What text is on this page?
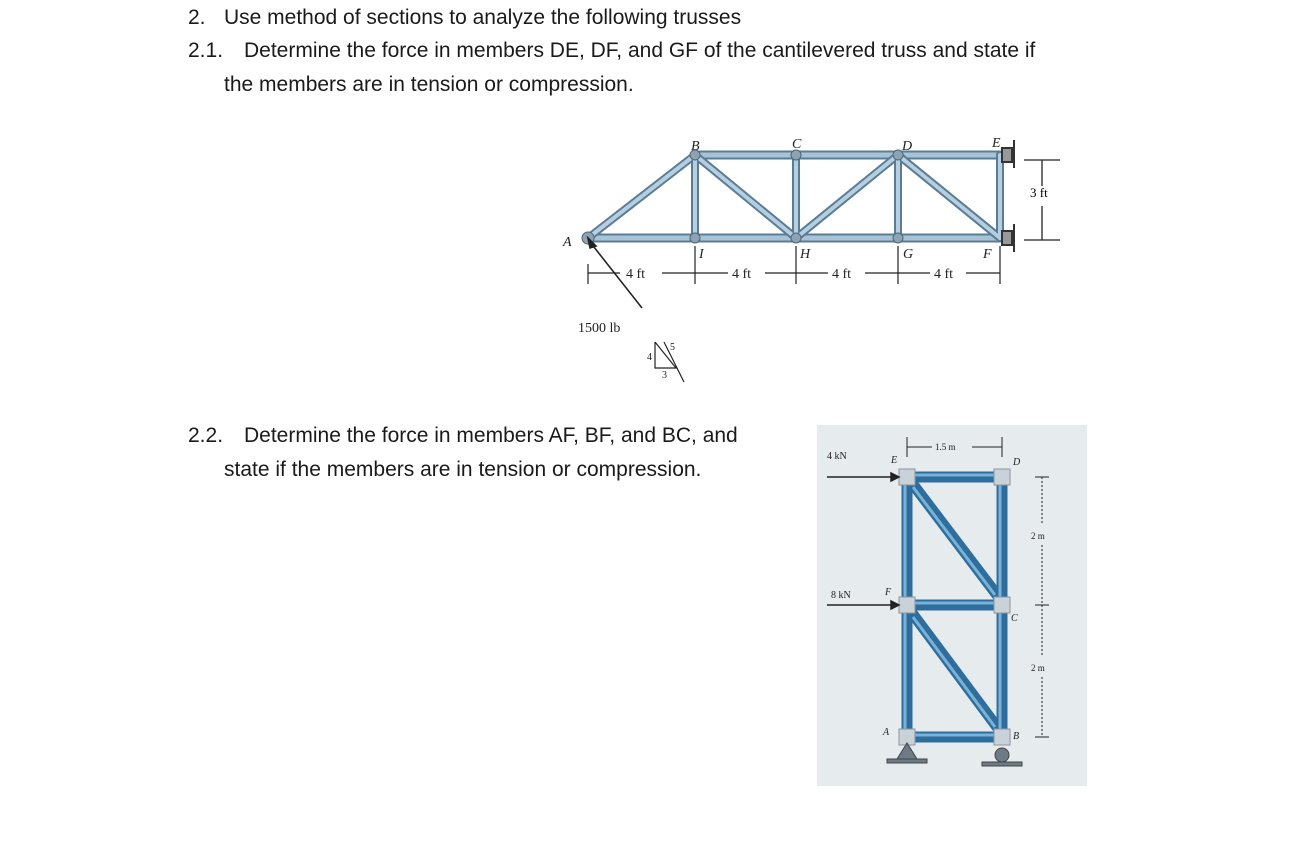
2. Use method of sections to analyze the following trusses
2.1. Determine the force in members DE, DF, and GF of the cantilevered truss and state if
the members are in tension or compression.
3 ft
A
B	C	D	E
I	H	G	F
4 ft	4 ft	4 ft	4 ft
1500 lb
4
5
3
2.2. Determine the force in members AF, BF, and BC, and
state if the members are in tension or compression.
4 kN
8 kN
E	D
F
C
A	B
1.5 m
2 m
2 m
